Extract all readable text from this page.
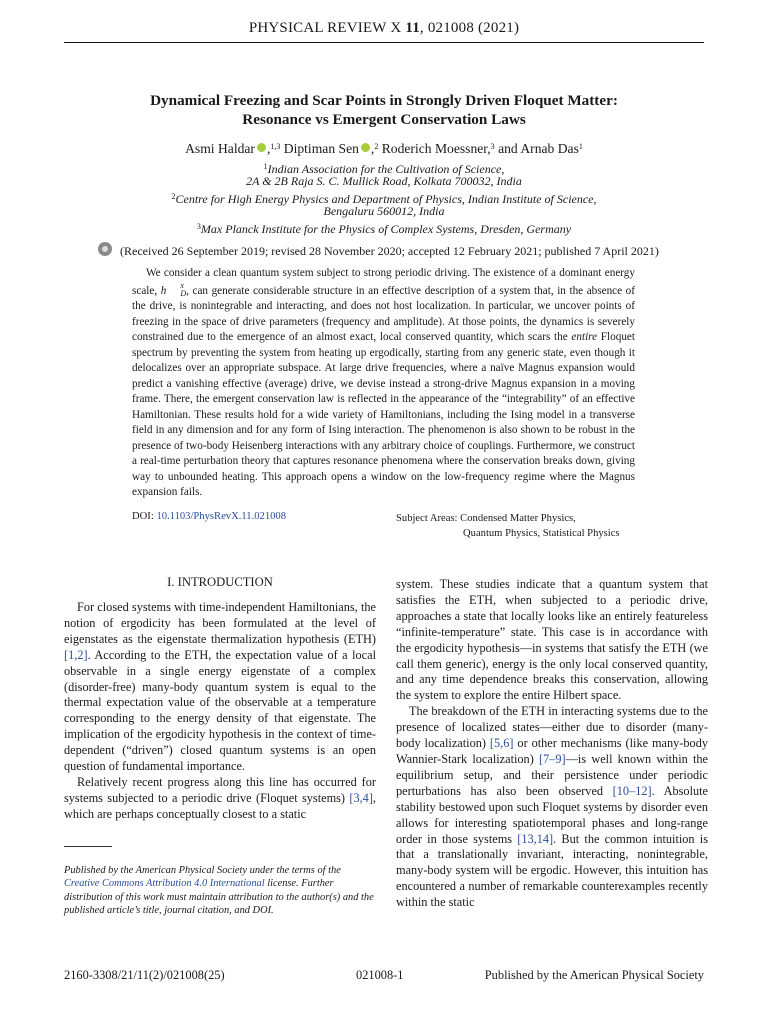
PHYSICAL REVIEW X 11, 021008 (2021)
Dynamical Freezing and Scar Points in Strongly Driven Floquet Matter:
Resonance vs Emergent Conservation Laws
Asmi Haldar ,$^{1,3}$ Diptiman Sen ,$^2$ Roderich Moessner,$^3$ and Arnab Das$^1$
$^1$Indian Association for the Cultivation of Science,
2A & 2B Raja S. C. Mullick Road, Kolkata 700032, India
$^2$Centre for High Energy Physics and Department of Physics, Indian Institute of Science,
Bengaluru 560012, India
$^3$Max Planck Institute for the Physics of Complex Systems, Dresden, Germany
(Received 26 September 2019; revised 28 November 2020; accepted 12 February 2021; published 7 April 2021)
We consider a clean quantum system subject to strong periodic driving. The existence of a dominant energy scale, h	x
D , can generate considerable structure in an effective description of a system that, in the absence of the drive, is nonintegrable and interacting, and does not host localization. In particular, we uncover points of freezing in the space of drive parameters (frequency and amplitude). At those points, the dynamics is severely constrained due to the emergence of an almost exact, local conserved quantity, which scars the entire Floquet spectrum by preventing the system from heating up ergodically, starting from any generic state, even though it delocalizes over an appropriate subspace. At large drive frequencies, where a naïve Magnus expansion would predict a vanishing effective (average) drive, we devise instead a strong-drive Magnus expansion in a moving frame. There, the emergent conservation law is reflected in the appearance of the “integrability” of an effective Hamiltonian. These results hold for a wide variety of Hamiltonians, including the Ising model in a transverse field in any dimension and for any form of Ising interaction. The phenomenon is also shown to be robust in the presence of two-body Heisenberg interactions with any arbitrary choice of couplings. Furthermore, we construct a real-time perturbation theory that captures resonance phenomena where the conservation breaks down, giving way to unbounded heating. This approach opens a window on the low-frequency regime where the Magnus expansion fails.
DOI: 10.1103/PhysRevX.11.021008	Subject Areas: Condensed Matter Physics,
Quantum Physics, Statistical Physics
I. INTRODUCTION

For closed systems with time-independent Hamiltonians, the notion of ergodicity has been formulated at the level of eigenstates as the eigenstate thermalization hypothesis (ETH) [1,2]. According to the ETH, the expectation value of a local observable in a single energy eigenstate of a complex (disorder-free) many-body quantum system is equal to the thermal expectation value of the observable at a temperature corresponding to the energy density of that eigenstate. The implication of the ergodicity hypothesis in the context of time-dependent (“driven”) closed quantum systems is an open question of fundamental importance.

Relatively recent progress along this line has occurred for systems subjected to a periodic drive (Floquet systems) [3,4], which are perhaps conceptually closest to a static

system. These studies indicate that a quantum system that satisfies the ETH, when subjected to a periodic drive, approaches a state that locally looks like an entirely featureless “infinite-temperature” state. This case is in accordance with the ergodicity hypothesis—in systems that satisfy the ETH (we call them generic), energy is the only local conserved quantity, and any time dependence breaks this conservation, allowing the system to explore the entire Hilbert space.

The breakdown of the ETH in interacting systems due to the presence of localized states—either due to disorder (many-body localization) [5,6] or other mechanisms (like many-body Wannier-Stark localization) [7–9]—is well known within the equilibrium setup, and their persistence under periodic perturbations has also been observed [10–12]. Absolute stability bestowed upon such Floquet systems by disorder even allows for interesting spatiotemporal phases and long-range order in those systems [13,14]. But the common intuition is that a translationally invariant, interacting, nonintegrable, many-body system will be ergodic. However, this intuition has encountered a number of remarkable counterexamples recently within the static

Published by the American Physical Society under the terms of the Creative Commons Attribution 4.0 International license. Further distribution of this work must maintain attribution to the author(s) and the published article’s title, journal citation, and DOI.
2160-3308/21/11(2)/021008(25)	021008-1	Published by the American Physical Society
